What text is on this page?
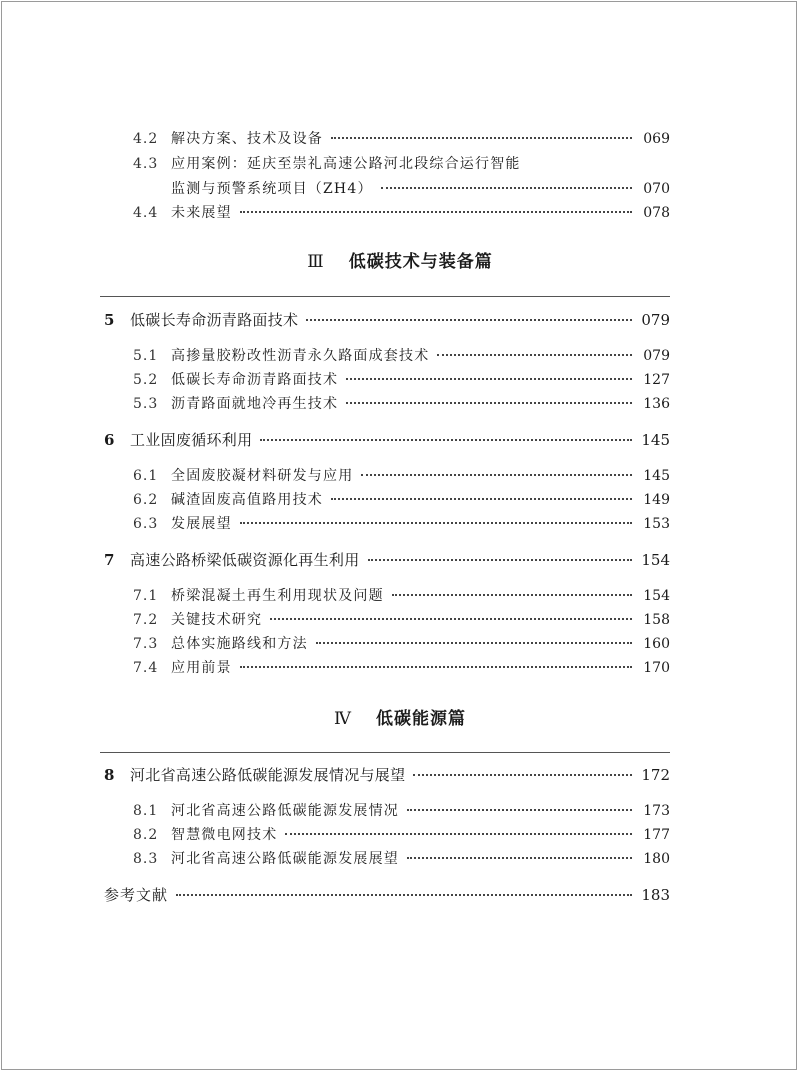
4.2 解决方案、技术及设备	069
4.3 应用案例：延庆至崇礼高速公路河北段综合运行智能
监测与预警系统项目（ZH4）	070
4.4 未来展望	078
Ⅲ 低碳技术与装备篇
5	低碳长寿命沥青路面技术	079
5.1 高掺量胶粉改性沥青永久路面成套技术	079
5.2 低碳长寿命沥青路面技术	127
5.3 沥青路面就地冷再生技术	136
6	工业固废循环利用	145
6.1 全固废胶凝材料研发与应用	145
6.2 碱渣固废高值路用技术	149
6.3 发展展望	153
7	高速公路桥梁低碳资源化再生利用	154
7.1 桥梁混凝土再生利用现状及问题	154
7.2 关键技术研究	158
7.3 总体实施路线和方法	160
7.4 应用前景	170
Ⅳ 低碳能源篇
8	河北省高速公路低碳能源发展情况与展望	172
8.1 河北省高速公路低碳能源发展情况	173
8.2 智慧微电网技术	177
8.3 河北省高速公路低碳能源发展展望	180
参考文献	183
